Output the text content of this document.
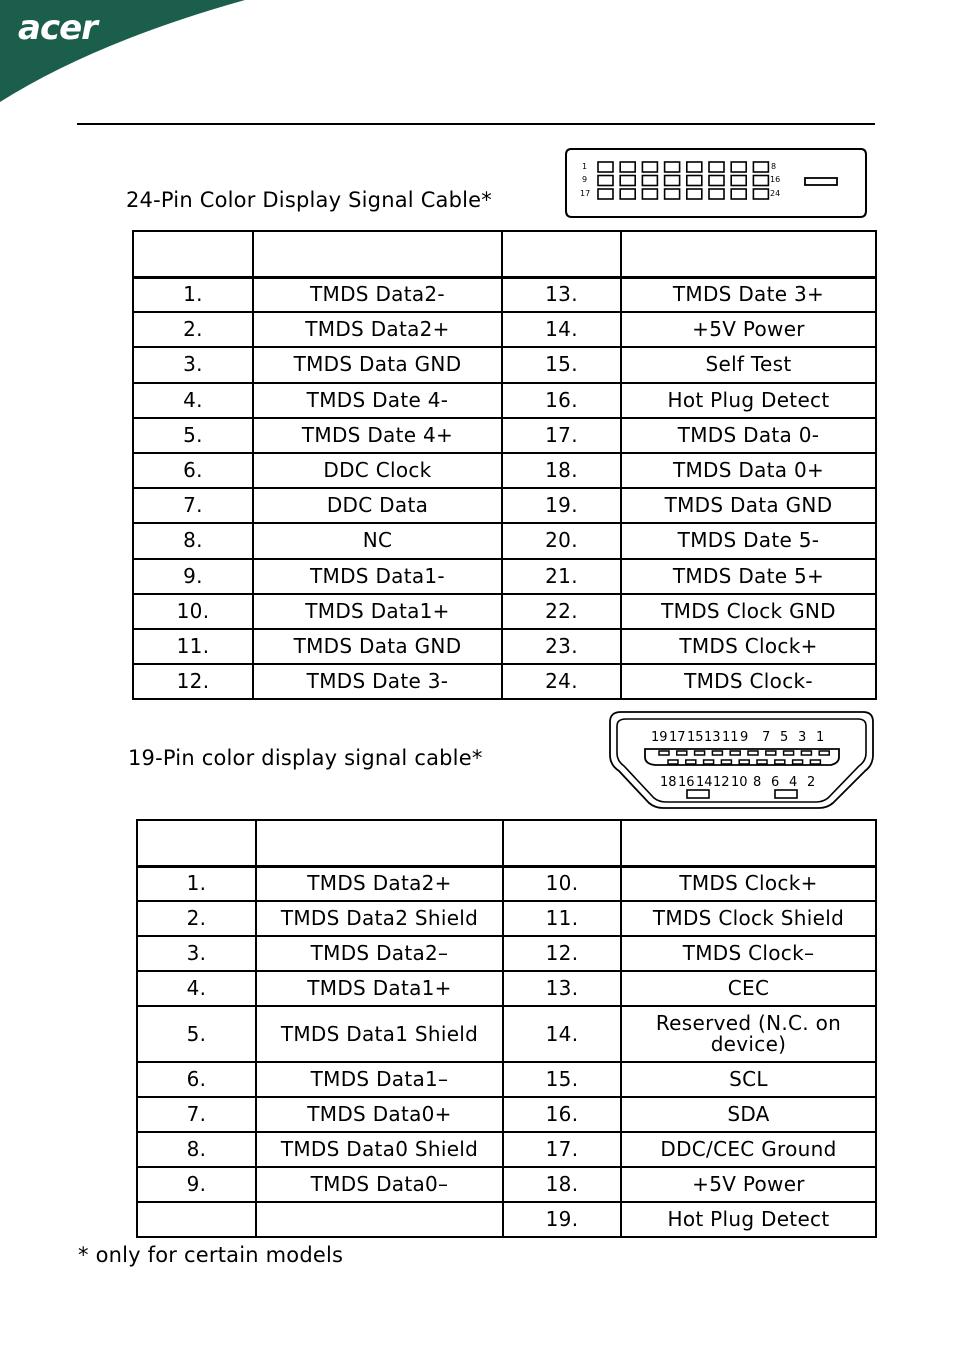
acer
24-Pin Color Display Signal Cable*
1
9
17
8
16
24

1.	TMDS Data2-	13.	TMDS Date 3+
2.	TMDS Data2+	14.	+5V Power
3.	TMDS Data GND	15.	Self Test
4.	TMDS Date 4-	16.	Hot Plug Detect
5.	TMDS Date 4+	17.	TMDS Data 0-
6.	DDC Clock	18.	TMDS Data 0+
7.	DDC Data	19.	TMDS Data GND
8.	NC	20.	TMDS Date 5-
9.	TMDS Data1-	21.	TMDS Date 5+
10.	TMDS Data1+	22.	TMDS Clock GND
11.	TMDS Data GND	23.	TMDS Clock+
12.	TMDS Date 3-	24.	TMDS Clock-
19-Pin color display signal cable*
19 17 15 13 11 9 7 5 3 1
18 16 14 12 10 8 6 4 2

1.	TMDS Data2+	10.	TMDS Clock+
2.	TMDS Data2 Shield	11.	TMDS Clock Shield
3.	TMDS Data2–	12.	TMDS Clock–
4.	TMDS Data1+	13.	CEC
5.	TMDS Data1 Shield	14.	Reserved (N.C. on device)
6.	TMDS Data1–	15.	SCL
7.	TMDS Data0+	16.	SDA
8.	TMDS Data0 Shield	17.	DDC/CEC Ground
9.	TMDS Data0–	18.	+5V Power
		19.	Hot Plug Detect
* only for certain models
